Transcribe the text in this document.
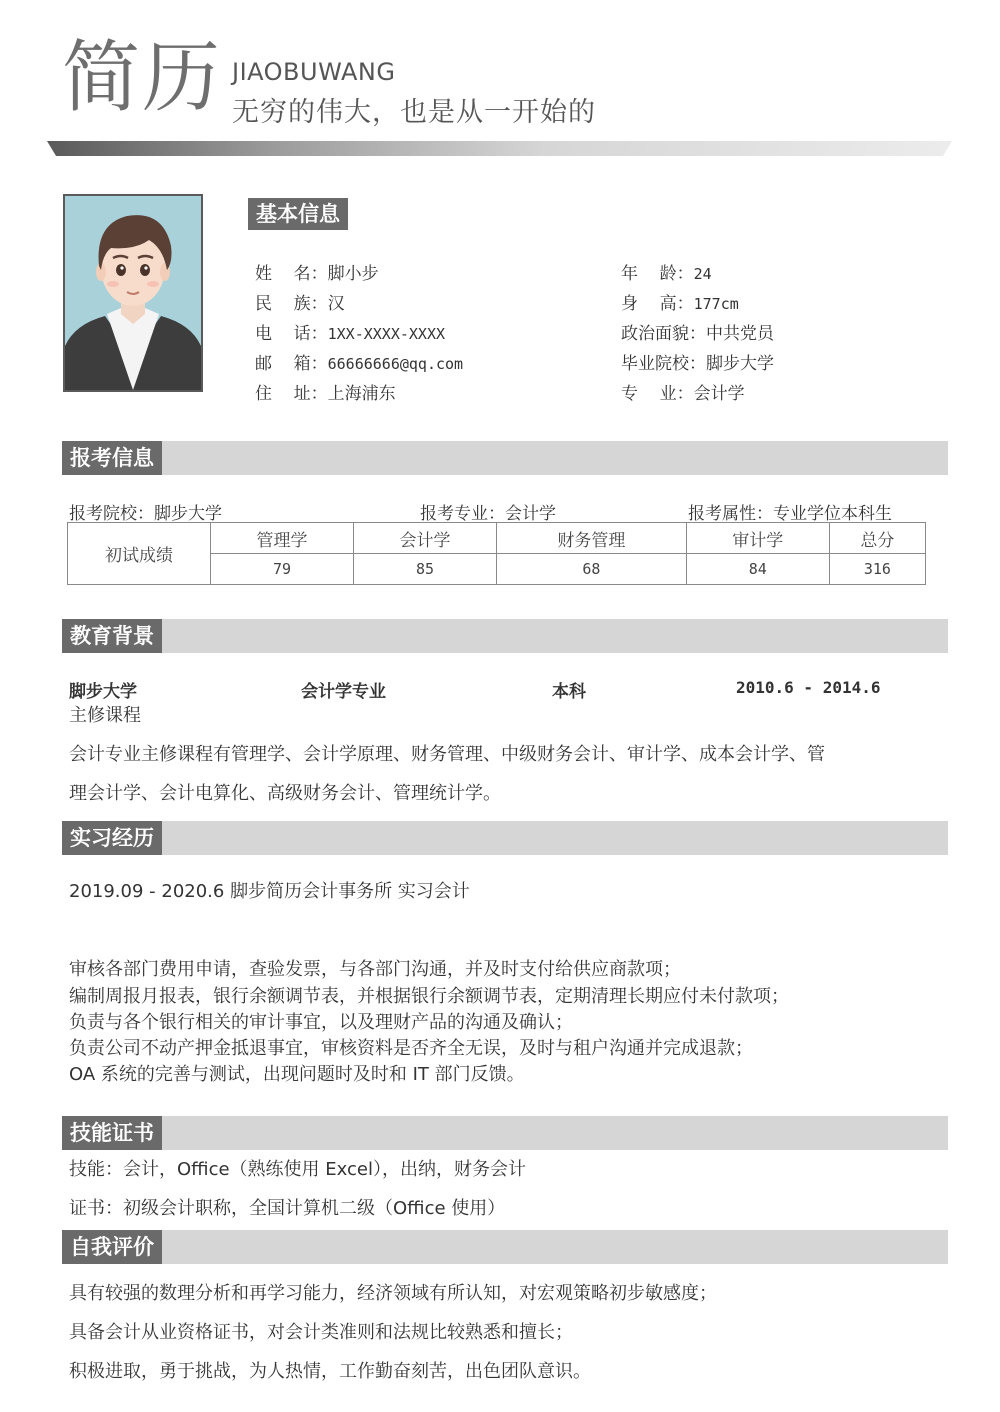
简历 JIAOBUWANG
无穷的伟大，也是从一开始的
基本信息
姓    名：脚小步
民    族：汉
电    话：1XX-XXXX-XXXX
邮    箱：66666666@qq.com
住    址：上海浦东
年    龄：24
身    高：177cm
政治面貌：中共党员
毕业院校：脚步大学
专    业：会计学
报考信息
报考院校：脚步大学	报考专业：会计学	报考属性：专业学位本科生
初试成绩	管理学	会计学	财务管理	审计学	总分
	79	85	68	84	316
教育背景
脚步大学	会计学专业	本科	2010.6 - 2014.6
主修课程
会计专业主修课程有管理学、会计学原理、财务管理、中级财务会计、审计学、成本会计学、管
理会计学、会计电算化、高级财务会计、管理统计学。
实习经历
2019.09 - 2020.6 脚步简历会计事务所 实习会计
审核各部门费用申请，查验发票，与各部门沟通，并及时支付给供应商款项；
编制周报月报表，银行余额调节表，并根据银行余额调节表，定期清理长期应付未付款项；
负责与各个银行相关的审计事宜，以及理财产品的沟通及确认；
负责公司不动产押金抵退事宜，审核资料是否齐全无误，及时与租户沟通并完成退款；
OA 系统的完善与测试，出现问题时及时和 IT 部门反馈。
技能证书
技能：会计，Office（熟练使用 Excel），出纳，财务会计
证书：初级会计职称，全国计算机二级（Office 使用）
自我评价
具有较强的数理分析和再学习能力，经济领域有所认知，对宏观策略初步敏感度；
具备会计从业资格证书，对会计类准则和法规比较熟悉和擅长；
积极进取，勇于挑战，为人热情，工作勤奋刻苦，出色团队意识。
